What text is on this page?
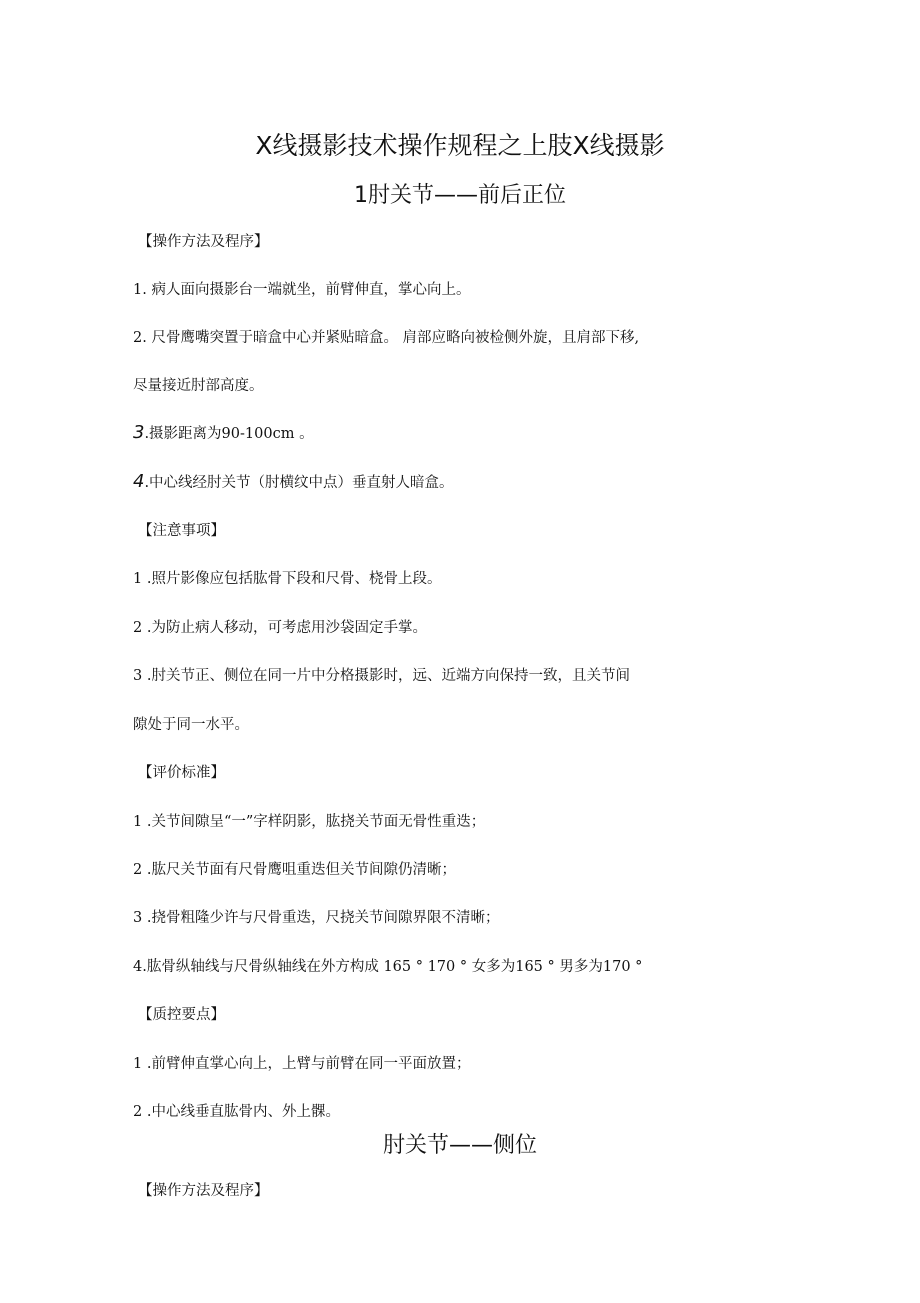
X线摄影技术操作规程之上肢X线摄影
1肘关节——前后正位
【操作方法及程序】
1. 病人面向摄影台一端就坐，前臂伸直，掌心向上。
2. 尺骨鹰嘴突置于暗盒中心并紧贴暗盒。 肩部应略向被检侧外旋，且肩部下移,
尽量接近肘部高度。
3.摄影距离为90-100cm 。
4.中心线经肘关节（肘横纹中点）垂直射人暗盒。
【注意事项】
1 .照片影像应包括肱骨下段和尺骨、桡骨上段。
2 .为防止病人移动，可考虑用沙袋固定手掌。
3 .肘关节正、侧位在同一片中分格摄影时，远、近端方向保持一致，且关节间
隙处于同一水平。
【评价标准】
1 .关节间隙呈“一”字样阴影，肱挠关节面无骨性重迭；
2 .肱尺关节面有尺骨鹰咀重迭但关节间隙仍清晰；
3 .挠骨粗隆少许与尺骨重迭，尺挠关节间隙界限不清晰；
4.肱骨纵轴线与尺骨纵轴线在外方构成 165 ° 170 ° 女多为165 ° 男多为170 °
【质控要点】
1 .前臂伸直掌心向上，上臂与前臂在同一平面放置；
2 .中心线垂直肱骨内、外上髁。
肘关节——侧位
【操作方法及程序】
